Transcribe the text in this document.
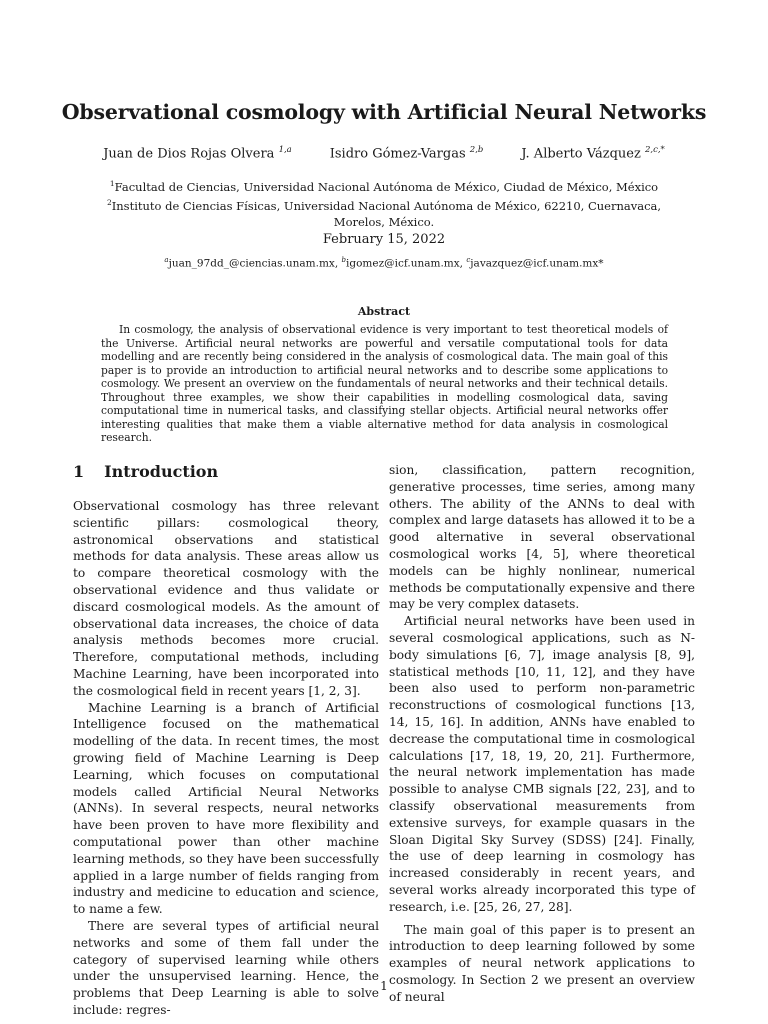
Observational cosmology with Artificial Neural Networks
Juan de Dios Rojas Olvera $^{1,a}$	Isidro Gómez-Vargas $^{2,b}$	J. Alberto Vázquez $^{2,c,*}$
$^1$Facultad de Ciencias, Universidad Nacional Autónoma de México, Ciudad de México, México
$^2$Instituto de Ciencias Físicas, Universidad Nacional Autónoma de México, 62210, Cuernavaca, Morelos, México.
February 15, 2022
$^a$juan_97dd_@ciencias.unam.mx, $^b$igomez@icf.unam.mx, $^c$javazquez@icf.unam.mx*
Abstract

In cosmology, the analysis of observational evidence is very important to test theoretical models of the Universe. Artificial neural networks are powerful and versatile computational tools for data modelling and are recently being considered in the analysis of cosmological data. The main goal of this paper is to provide an introduction to artificial neural networks and to describe some applications to cosmology. We present an overview on the fundamentals of neural networks and their technical details. Throughout three examples, we show their capabilities in modelling cosmological data, saving computational time in numerical tasks, and classifying stellar objects. Artificial neural networks offer interesting qualities that make them a viable alternative method for data analysis in cosmological research.

1 Introduction

Observational cosmology has three relevant scientific pillars: cosmological theory, astronomical observations and statistical methods for data analysis. These areas allow us to compare theoretical cosmology with the observational evidence and thus validate or discard cosmological models. As the amount of observational data increases, the choice of data analysis methods becomes more crucial. Therefore, computational methods, including Machine Learning, have been incorporated into the cosmological field in recent years [1, 2, 3].

Machine Learning is a branch of Artificial Intelligence focused on the mathematical modelling of the data. In recent times, the most growing field of Machine Learning is Deep Learning, which focuses on computational models called Artificial Neural Networks (ANNs). In several respects, neural networks have been proven to have more flexibility and computational power than other machine learning methods, so they have been successfully applied in a large number of fields ranging from industry and medicine to education and science, to name a few.

There are several types of artificial neural networks and some of them fall under the category of supervised learning while others under the unsupervised learning. Hence, the problems that Deep Learning is able to solve include: regres-

sion, classification, pattern recognition, generative processes, time series, among many others. The ability of the ANNs to deal with complex and large datasets has allowed it to be a good alternative in several observational cosmological works [4, 5], where theoretical models can be highly nonlinear, numerical methods be computationally expensive and there may be very complex datasets.

Artificial neural networks have been used in several cosmological applications, such as N-body simulations [6, 7], image analysis [8, 9], statistical methods [10, 11, 12], and they have been also used to perform non-parametric reconstructions of cosmological functions [13, 14, 15, 16]. In addition, ANNs have enabled to decrease the computational time in cosmological calculations [17, 18, 19, 20, 21]. Furthermore, the neural network implementation has made possible to analyse CMB signals [22, 23], and to classify observational measurements from extensive surveys, for example quasars in the Sloan Digital Sky Survey (SDSS) [24]. Finally, the use of deep learning in cosmology has increased considerably in recent years, and several works already incorporated this type of research, i.e. [25, 26, 27, 28].

The main goal of this paper is to present an introduction to deep learning followed by some examples of neural network applications to cosmology. In Section 2 we present an overview of neural

1
